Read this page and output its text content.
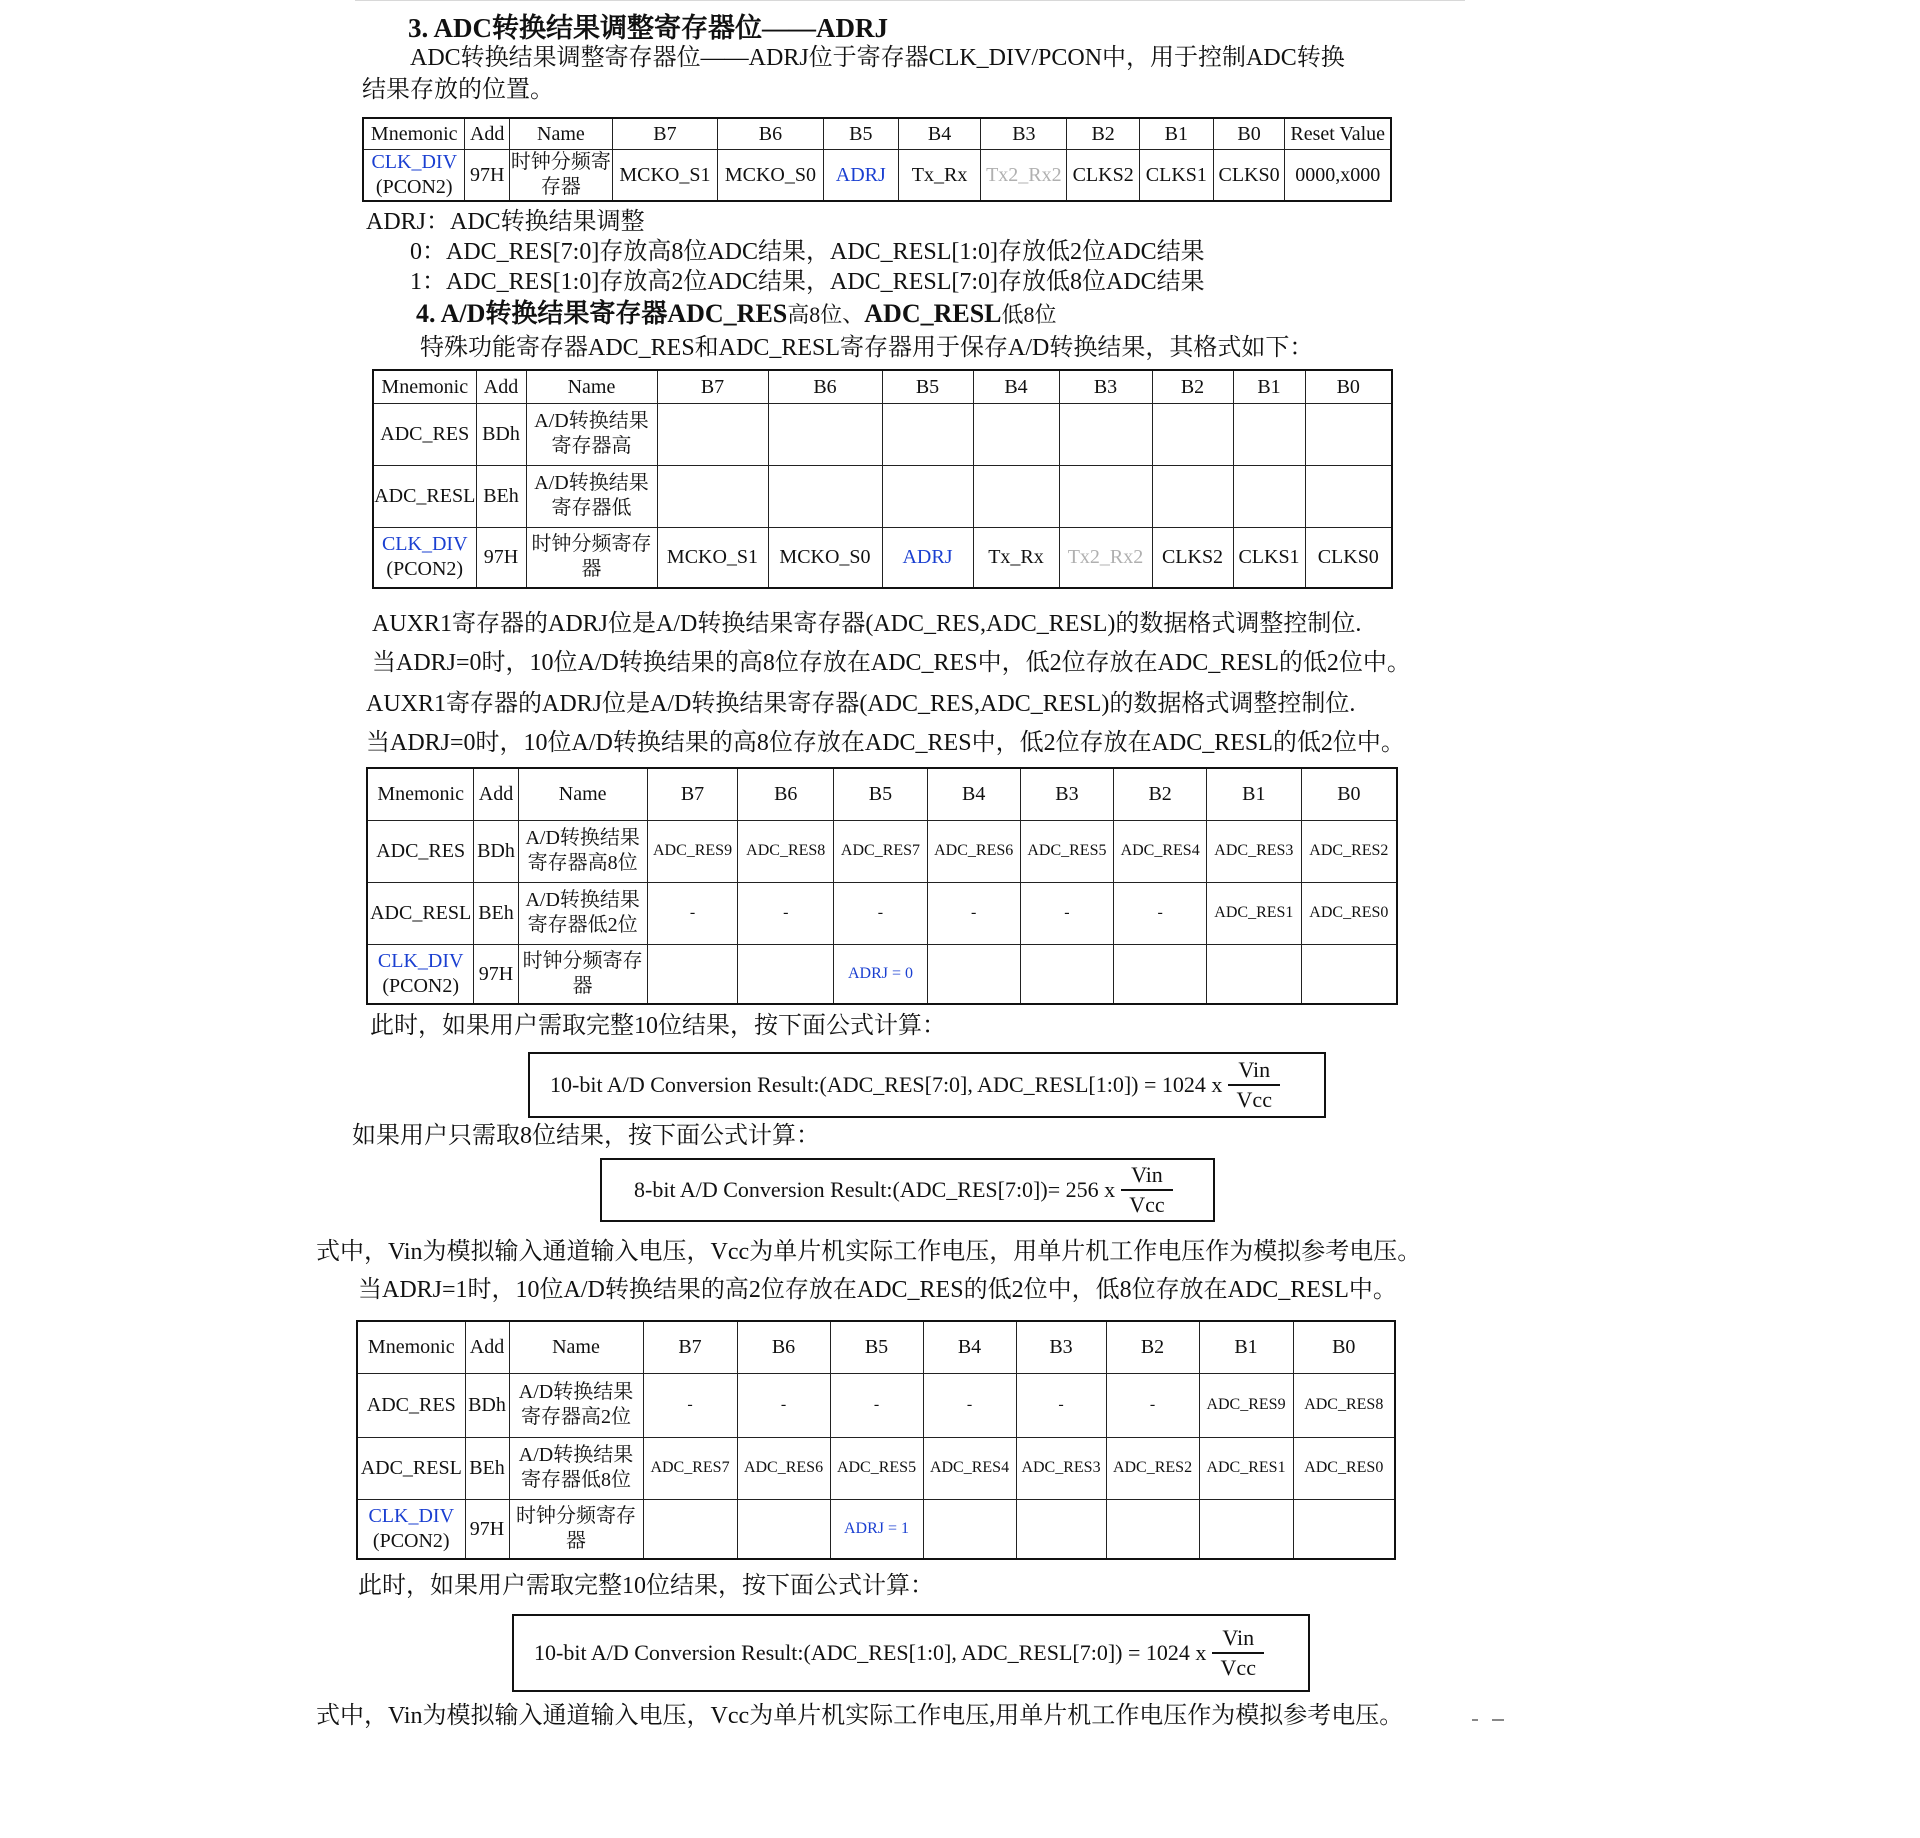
3. ADC转换结果调整寄存器位——ADRJ
ADC转换结果调整寄存器位——ADRJ位于寄存器CLK_DIV/PCON中，用于控制ADC转换
结果存放的位置。
Mnemonic	Add	Name	B7	B6	B5	B4	B3	B2	B1	B0	Reset Value

CLK_DIV
(PCON2)	97H	时钟分频寄存器	MCKO_S1	MCKO_S0	ADRJ	Tx_Rx	Tx2_Rx2	CLKS2	CLKS1	CLKS0	0000,x000
ADRJ：ADC转换结果调整
0：ADC_RES[7:0]存放高8位ADC结果，ADC_RESL[1:0]存放低2位ADC结果
1：ADC_RES[1:0]存放高2位ADC结果，ADC_RESL[7:0]存放低8位ADC结果
4. A/D转换结果寄存器ADC_RES高8位、ADC_RESL低8位
特殊功能寄存器ADC_RES和ADC_RESL寄存器用于保存A/D转换结果，其格式如下：
Mnemonic	Add	Name	B7	B6	B5	B4	B3	B2	B1	B0
ADC_RES	BDh	A/D转换结果寄存器高								
ADC_RESL	BEh	A/D转换结果寄存器低								

CLK_DIV
(PCON2)	97H	时钟分频寄存器	MCKO_S1	MCKO_S0	ADRJ	Tx_Rx	Tx2_Rx2	CLKS2	CLKS1	CLKS0
AUXR1寄存器的ADRJ位是A/D转换结果寄存器(ADC_RES,ADC_RESL)的数据格式调整控制位.
当ADRJ=0时，10位A/D转换结果的高8位存放在ADC_RES中，低2位存放在ADC_RESL的低2位中。
AUXR1寄存器的ADRJ位是A/D转换结果寄存器(ADC_RES,ADC_RESL)的数据格式调整控制位.
当ADRJ=0时，10位A/D转换结果的高8位存放在ADC_RES中，低2位存放在ADC_RESL的低2位中。
Mnemonic	Add	Name	B7	B6	B5	B4	B3	B2	B1	B0
ADC_RES	BDh	A/D转换结果寄存器高8位	ADC_RES9	ADC_RES8	ADC_RES7	ADC_RES6	ADC_RES5	ADC_RES4	ADC_RES3	ADC_RES2
ADC_RESL	BEh	A/D转换结果寄存器低2位	-	-	-	-	-	-	ADC_RES1	ADC_RES0

CLK_DIV
(PCON2)	97H	时钟分频寄存器			ADRJ = 0					
此时，如果用户需取完整10位结果，按下面公式计算：
10-bit A/D Conversion Result:(ADC_RES[7:0], ADC_RESL[1:0]) = 1024 x $\frac{\text{Vin}}{\text{Vcc}}$
如果用户只需取8位结果，按下面公式计算：
8-bit A/D Conversion Result:(ADC_RES[7:0])= 256 x $\frac{\text{Vin}}{\text{Vcc}}$
式中，Vin为模拟输入通道输入电压，Vcc为单片机实际工作电压，用单片机工作电压作为模拟参考电压。
当ADRJ=1时，10位A/D转换结果的高2位存放在ADC_RES的低2位中，低8位存放在ADC_RESL中。
Mnemonic	Add	Name	B7	B6	B5	B4	B3	B2	B1	B0
ADC_RES	BDh	A/D转换结果寄存器高2位	-	-	-	-	-	-	ADC_RES9	ADC_RES8
ADC_RESL	BEh	A/D转换结果寄存器低8位	ADC_RES7	ADC_RES6	ADC_RES5	ADC_RES4	ADC_RES3	ADC_RES2	ADC_RES1	ADC_RES0

CLK_DIV
(PCON2)	97H	时钟分频寄存器			ADRJ = 1					
此时，如果用户需取完整10位结果，按下面公式计算：
10-bit A/D Conversion Result:(ADC_RES[1:0], ADC_RESL[7:0]) = 1024 x $\frac{\text{Vin}}{\text{Vcc}}$
式中，Vin为模拟输入通道输入电压，Vcc为单片机实际工作电压,用单片机工作电压作为模拟参考电压。
